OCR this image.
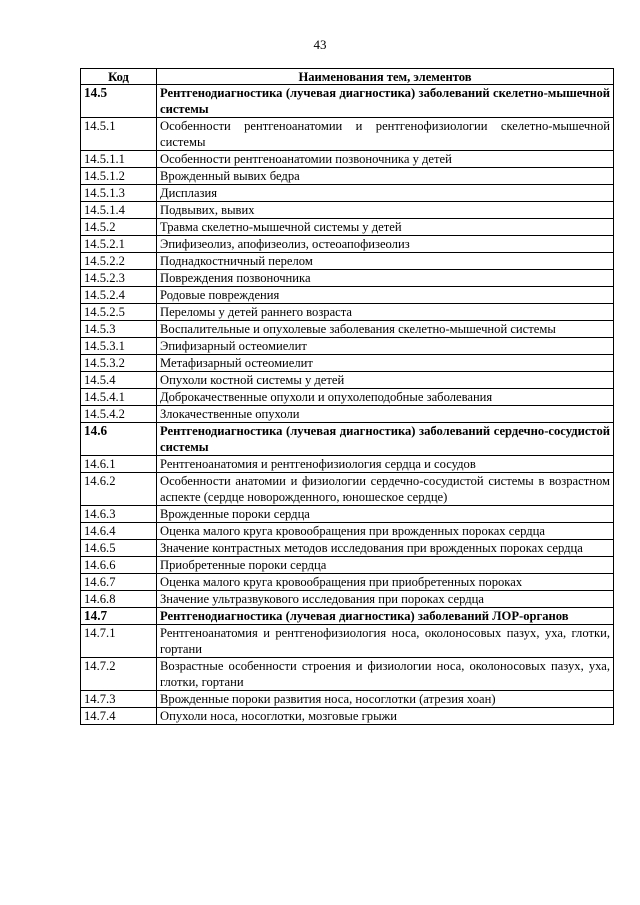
43
Код	Наименования тем, элементов
14.5	Рентгенодиагностика (лучевая диагностика) заболеваний скелетно-мышечной системы
14.5.1	Особенности рентгеноанатомии и рентгенофизиологии скелетно-мышечной системы
14.5.1.1	Особенности рентгеноанатомии позвоночника у детей
14.5.1.2	Врожденный вывих бедра
14.5.1.3	Дисплазия
14.5.1.4	Подвывих, вывих
14.5.2	Травма скелетно-мышечной системы у детей
14.5.2.1	Эпифизеолиз, апофизеолиз, остеоапофизеолиз
14.5.2.2	Поднадкостничный перелом
14.5.2.3	Повреждения позвоночника
14.5.2.4	Родовые повреждения
14.5.2.5	Переломы у детей раннего возраста
14.5.3	Воспалительные и опухолевые заболевания скелетно-мышечной системы
14.5.3.1	Эпифизарный остеомиелит
14.5.3.2	Метафизарный остеомиелит
14.5.4	Опухоли костной системы у детей
14.5.4.1	Доброкачественные опухоли и опухолеподобные заболевания
14.5.4.2	Злокачественные опухоли
14.6	Рентгенодиагностика (лучевая диагностика) заболеваний сердечно-сосудистой системы
14.6.1	Рентгеноанатомия и рентгенофизиология сердца и сосудов
14.6.2	Особенности анатомии и физиологии сердечно-сосудистой системы в возрастном аспекте (сердце новорожденного, юношеское сердце)
14.6.3	Врожденные пороки сердца
14.6.4	Оценка малого круга кровообращения при врожденных пороках сердца
14.6.5	Значение контрастных методов исследования при врожденных пороках сердца
14.6.6	Приобретенные пороки сердца
14.6.7	Оценка малого круга кровообращения при приобретенных пороках
14.6.8	Значение ультразвукового исследования при пороках сердца
14.7	Рентгенодиагностика (лучевая диагностика) заболеваний ЛОР-органов
14.7.1	Рентгеноанатомия и рентгенофизиология носа, околоносовых пазух, уха, глотки, гортани
14.7.2	Возрастные особенности строения и физиологии носа, околоносовых пазух, уха, глотки, гортани
14.7.3	Врожденные пороки развития носа, носоглотки (атрезия хоан)
14.7.4	Опухоли носа, носоглотки, мозговые грыжи
